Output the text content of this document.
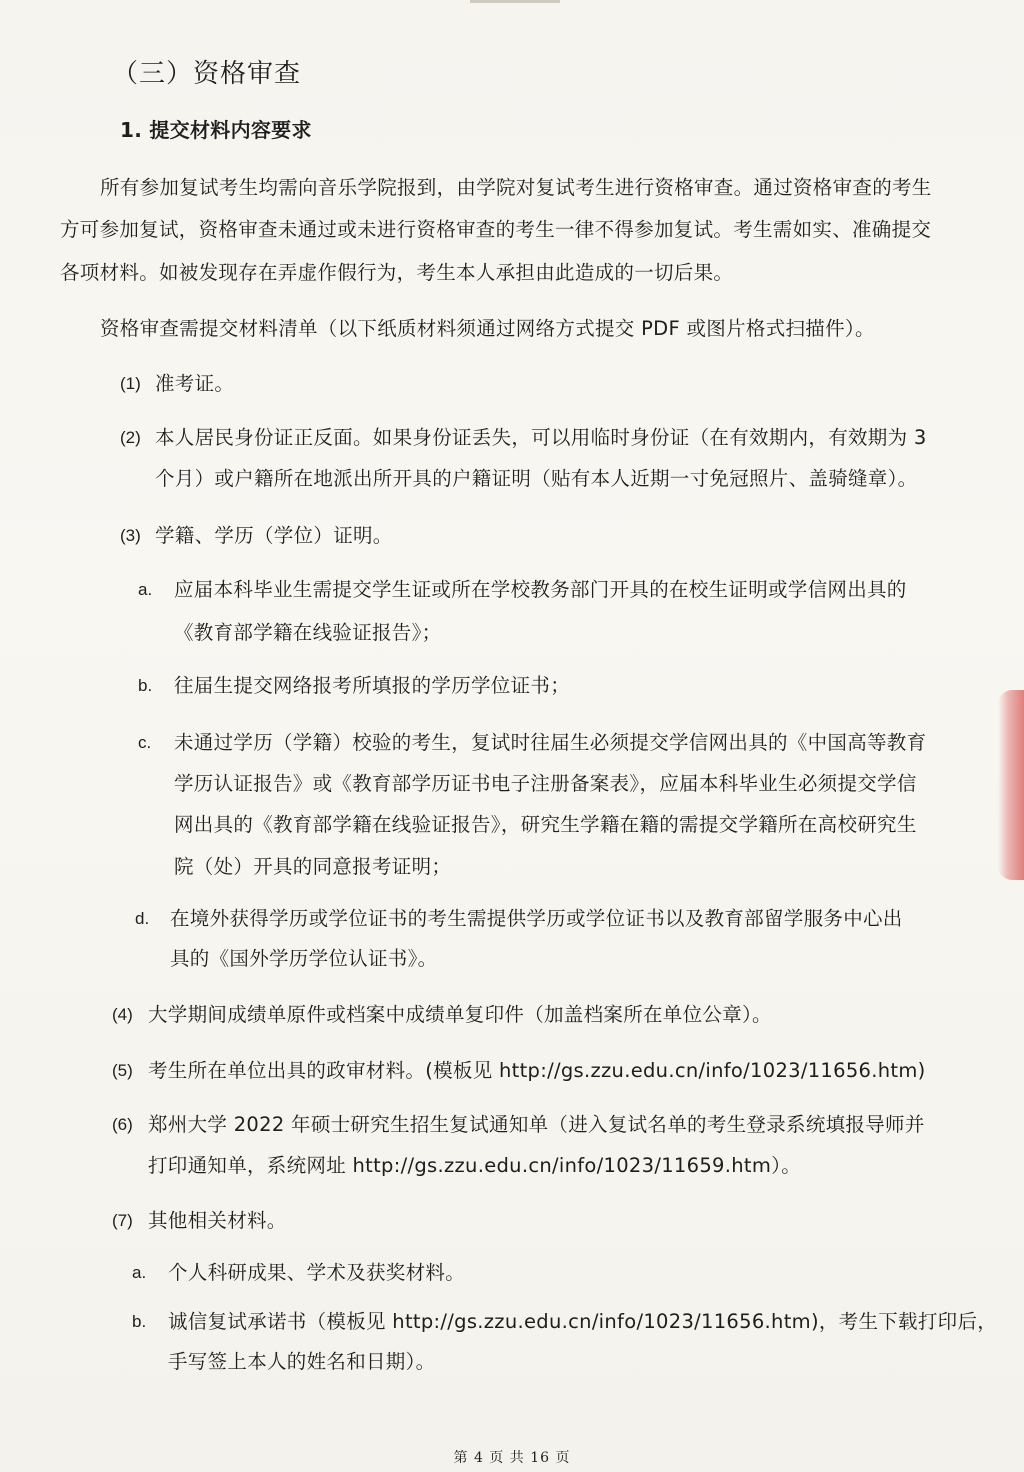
（三）资格审查
1. 提交材料内容要求
所有参加复试考生均需向音乐学院报到，由学院对复试考生进行资格审查。通过资格审查的考生
方可参加复试，资格审查未通过或未进行资格审查的考生一律不得参加复试。考生需如实、准确提交
各项材料。如被发现存在弄虚作假行为，考生本人承担由此造成的一切后果。
资格审查需提交材料清单（以下纸质材料须通过网络方式提交 PDF 或图片格式扫描件）。
(1) 准考证。
(2) 本人居民身份证正反面。如果身份证丢失，可以用临时身份证（在有效期内，有效期为 3
个月）或户籍所在地派出所开具的户籍证明（贴有本人近期一寸免冠照片、盖骑缝章）。
(3) 学籍、学历（学位）证明。
a. 应届本科毕业生需提交学生证或所在学校教务部门开具的在校生证明或学信网出具的
《教育部学籍在线验证报告》；
b. 往届生提交网络报考所填报的学历学位证书；
c. 未通过学历（学籍）校验的考生，复试时往届生必须提交学信网出具的《中国高等教育
学历认证报告》或《教育部学历证书电子注册备案表》，应届本科毕业生必须提交学信
网出具的《教育部学籍在线验证报告》，研究生学籍在籍的需提交学籍所在高校研究生
院（处）开具的同意报考证明；
d. 在境外获得学历或学位证书的考生需提供学历或学位证书以及教育部留学服务中心出
具的《国外学历学位认证书》。
(4) 大学期间成绩单原件或档案中成绩单复印件（加盖档案所在单位公章）。
(5) 考生所在单位出具的政审材料。(模板见 http://gs.zzu.edu.cn/info/1023/11656.htm)
(6) 郑州大学 2022 年硕士研究生招生复试通知单（进入复试名单的考生登录系统填报导师并
打印通知单，系统网址 http://gs.zzu.edu.cn/info/1023/11659.htm）。
(7) 其他相关材料。
a. 个人科研成果、学术及获奖材料。
b. 诚信复试承诺书（模板见 http://gs.zzu.edu.cn/info/1023/11656.htm)，考生下载打印后，
手写签上本人的姓名和日期）。
第 4 页 共 16 页
